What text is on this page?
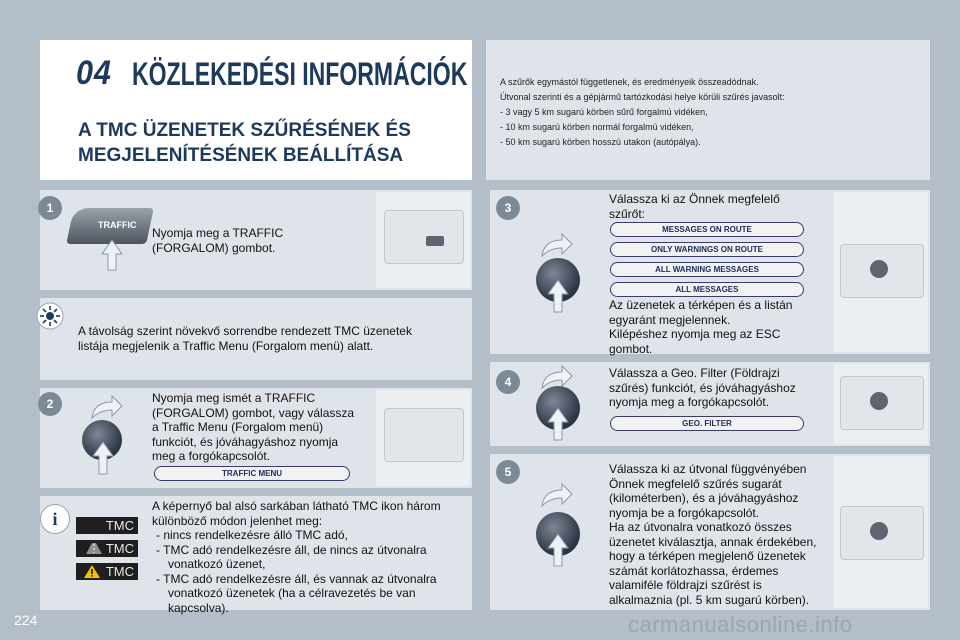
04 KÖZLEKEDÉSI INFORMÁCIÓK
A TMC ÜZENETEK SZŰRÉSÉNEK ÉS
MEGJELENÍTÉSÉNEK BEÁLLÍTÁSA
A szűrők egymástól függetlenek, és eredményeik összeadódnak.
Útvonal szerinti és a gépjármű tartózkodási helye körüli szűrés javasolt:
- 3 vagy 5 km sugarú körben sűrű forgalmú vidéken,
- 10 km sugarú körben normál forgalmú vidéken,
- 50 km sugarú körben hosszú utakon (autópálya).
1
TRAFFIC
Nyomja meg a TRAFFIC
(FORGALOM) gombot.
A távolság szerint növekvő sorrendbe rendezett TMC üzenetek
listája megjelenik a Traffic Menu (Forgalom menü) alatt.
2	Nyomja meg ismét a TRAFFIC
(FORGALOM) gombot, vagy válassza
a Traffic Menu (Forgalom menü)
funkciót, és jóváhagyáshoz nyomja
meg a forgókapcsolót.
TRAFFIC MENU
i	TMC
TMC
TMC
A képernyő bal alsó sarkában látható TMC ikon három
különböző módon jelenhet meg:
- nincs rendelkezésre álló TMC adó,
- TMC adó rendelkezésre áll, de nincs az útvonalra
vonatkozó üzenet,
- TMC adó rendelkezésre áll, és vannak az útvonalra
vonatkozó üzenetek (ha a célravezetés be van
kapcsolva).
3
Válassza ki az Önnek megfelelő
szűrőt:
MESSAGES ON ROUTE
ONLY WARNINGS ON ROUTE
ALL WARNING MESSAGES
ALL MESSAGES
Az üzenetek a térképen és a listán
egyaránt megjelennek.
Kilépéshez nyomja meg az ESC
gombot.
4
Válassza a Geo. Filter (Földrajzi
szűrés) funkciót, és jóváhagyáshoz
nyomja meg a forgókapcsolót.
GEO. FILTER
5	Válassza ki az útvonal függvényében
Önnek megfelelő szűrés sugarát
(kilométerben), és a jóváhagyáshoz
nyomja be a forgókapcsolót.
Ha az útvonalra vonatkozó összes
üzenetet kiválasztja, annak érdekében,
hogy a térképen megjelenő üzenetek
számát korlátozhassa, érdemes
valamiféle földrajzi szűrést is
alkalmaznia (pl. 5 km sugarú körben).
224	carmanualsonline.info
